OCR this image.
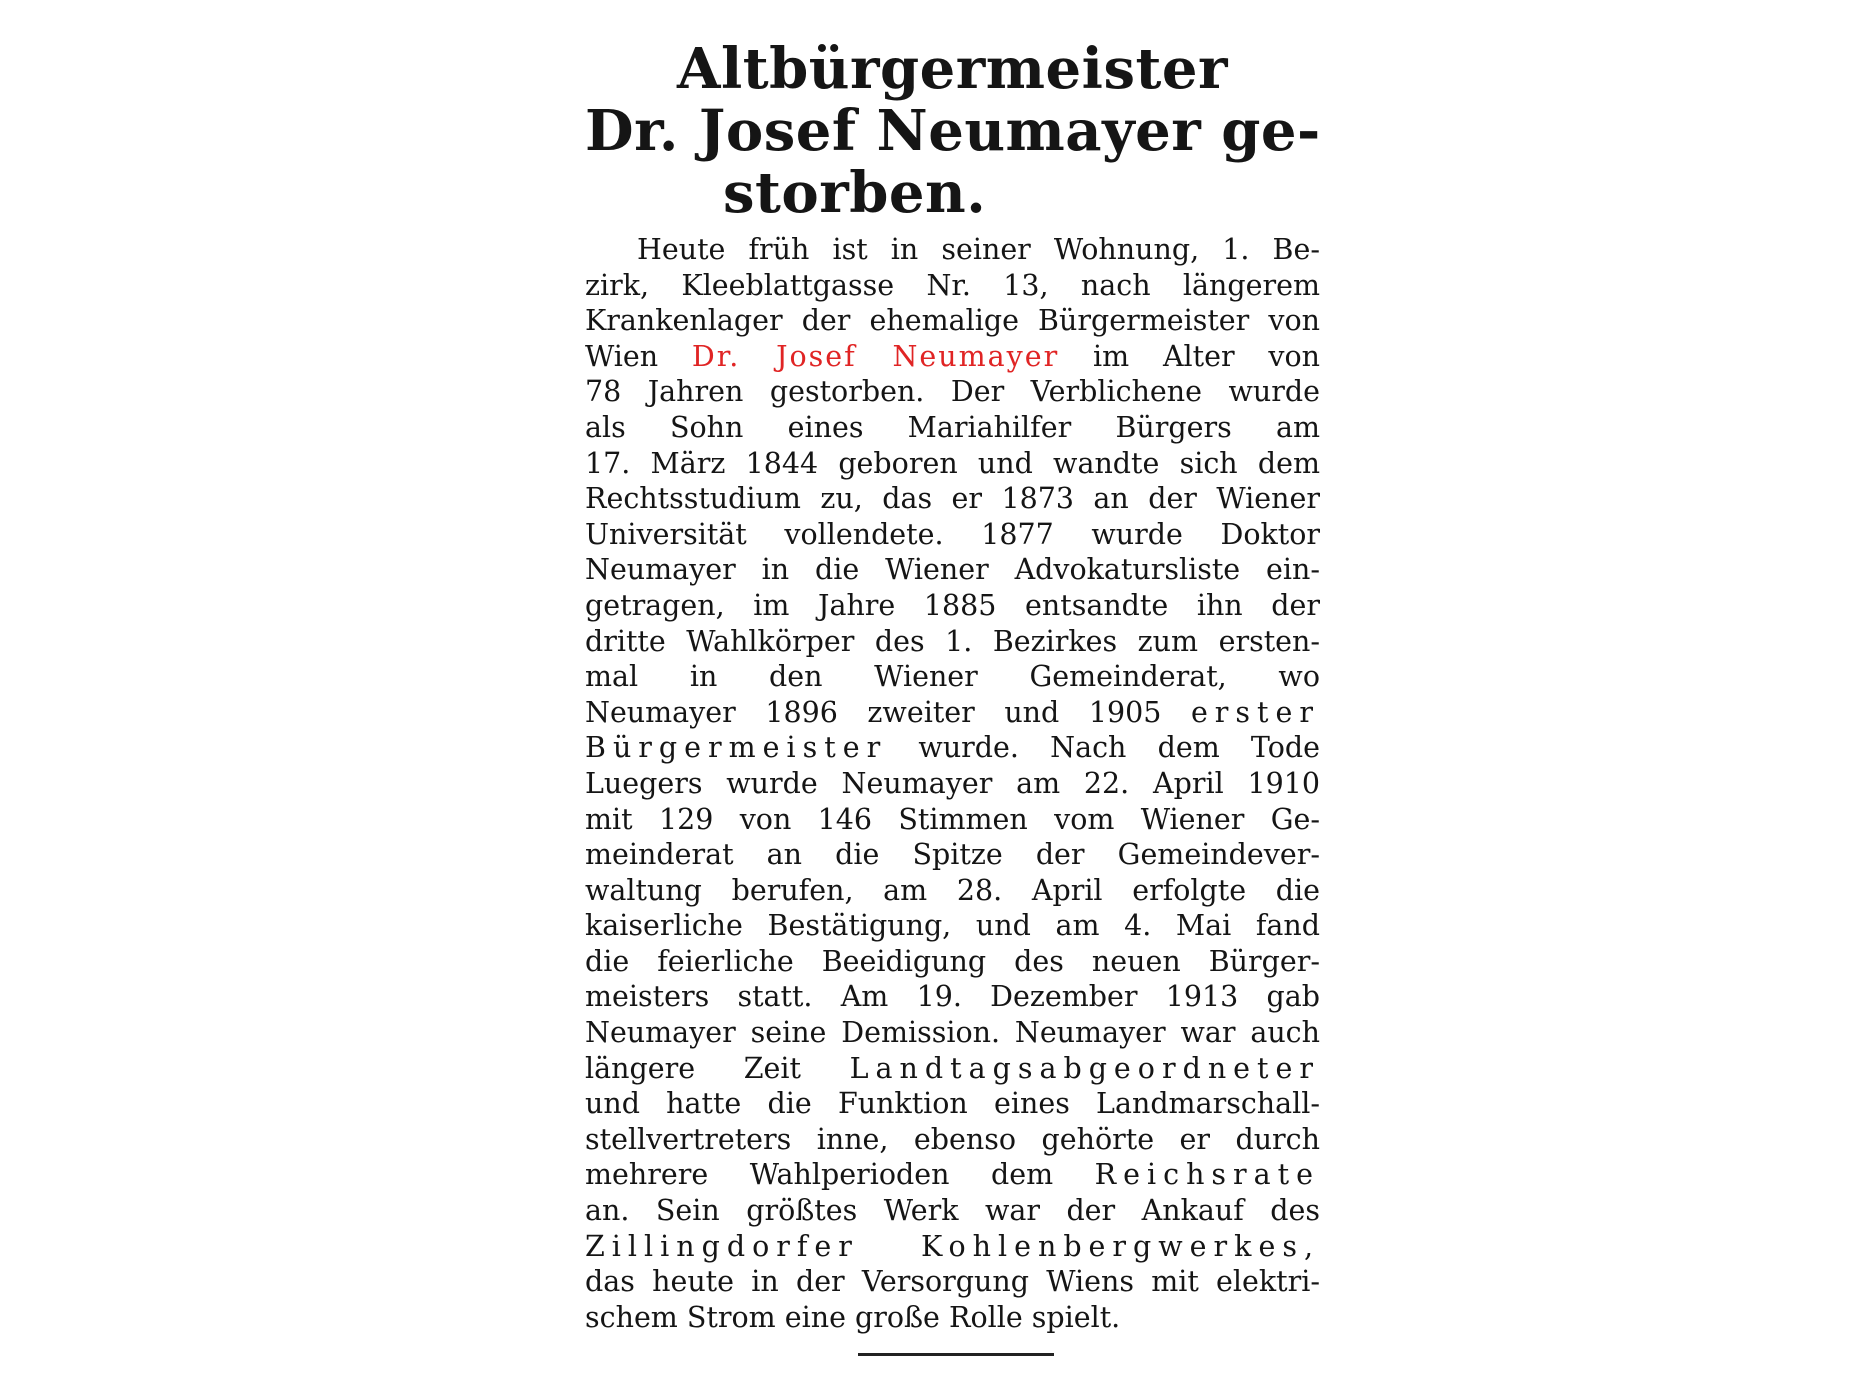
Altbürgermeister
Dr. Josef Neumayer ge-
storben.
Heute früh ist in seiner Wohnung, 1. Be-
zirk, Kleeblattgasse Nr. 13, nach längerem
Krankenlager der ehemalige Bürgermeister von
Wien Dr. Josef Neumayer im Alter von
78 Jahren gestorben. Der Verblichene wurde
als Sohn eines Mariahilfer Bürgers am
17. März 1844 geboren und wandte sich dem
Rechtsstudium zu, das er 1873 an der Wiener
Universität vollendete. 1877 wurde Doktor
Neumayer in die Wiener Advokatursliste ein-
getragen, im Jahre 1885 entsandte ihn der
dritte Wahlkörper des 1. Bezirkes zum ersten-
mal in den Wiener Gemeinderat, wo
Neumayer 1896 zweiter und 1905 erster
Bürgermeister wurde. Nach dem Tode
Luegers wurde Neumayer am 22. April 1910
mit 129 von 146 Stimmen vom Wiener Ge-
meinderat an die Spitze der Gemeindever-
waltung berufen, am 28. April erfolgte die
kaiserliche Bestätigung, und am 4. Mai fand
die feierliche Beeidigung des neuen Bürger-
meisters statt. Am 19. Dezember 1913 gab
Neumayer seine Demission. Neumayer war auch
längere Zeit Landtagsabgeordneter
und hatte die Funktion eines Landmarschall-
stellvertreters inne, ebenso gehörte er durch
mehrere Wahlperioden dem Reichsrate
an. Sein größtes Werk war der Ankauf des
Zillingdorfer Kohlenbergwerkes,
das heute in der Versorgung Wiens mit elektri-
schem Strom eine große Rolle spielt.
